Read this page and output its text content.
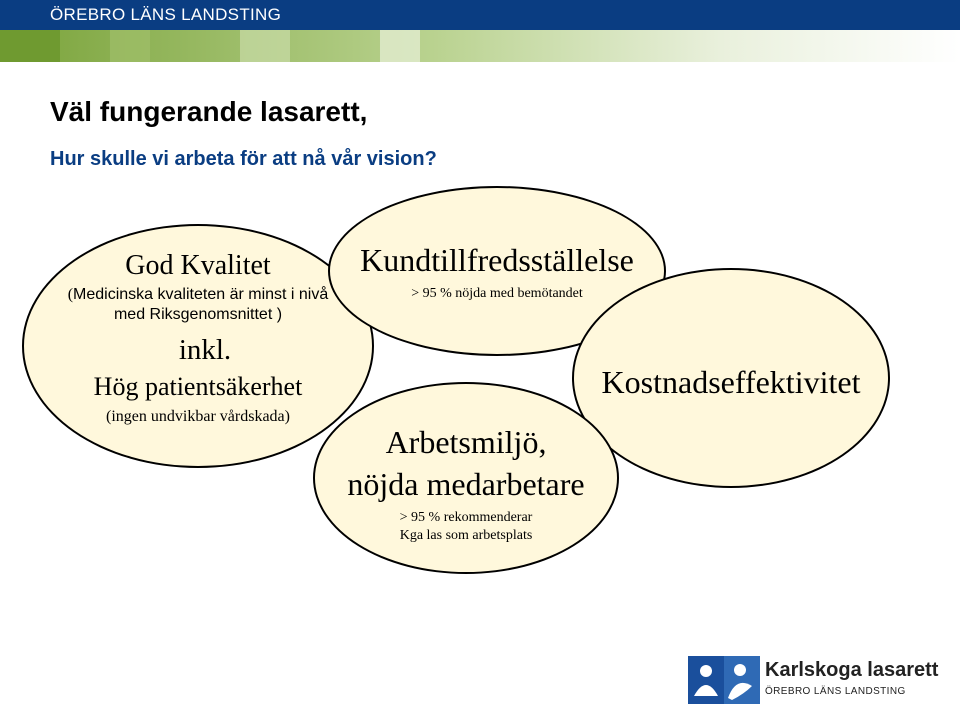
ÖREBRO LÄNS LANDSTING
Väl fungerande lasarett,
Hur skulle vi arbeta för att nå vår vision?
God Kvalitet
(Medicinska kvaliteten är minst i nivå
med Riksgenomsnittet )
inkl.
Hög patientsäkerhet
(ingen undvikbar vårdskada)
Kundtillfredsställelse
> 95 % nöjda med bemötandet
Kostnadseffektivitet
Arbetsmiljö,
nöjda medarbetare
> 95 % rekommenderar
Kga las som arbetsplats
Karlskoga lasarett
ÖREBRO LÄNS LANDSTING
